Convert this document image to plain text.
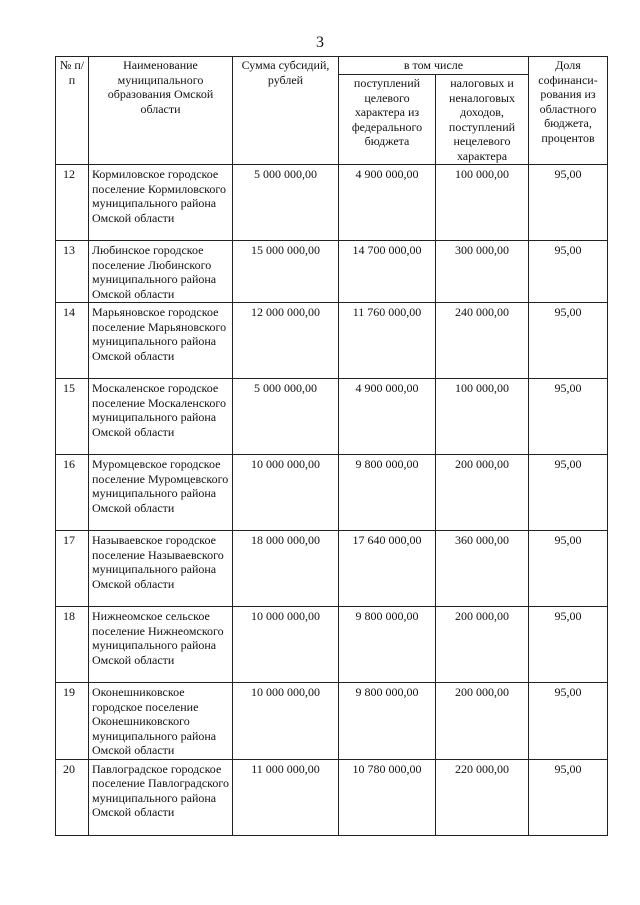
3
№ п/п	Наименование муниципального образования Омской области	Сумма субсидий, рублей	в том числе		Доля софинанси-рования из областного бюджета, процентов
			поступлений целевого характера из федерального бюджета	налоговых и неналоговых доходов, поступлений нецелевого характера	
12	Кормиловское городское поселение Кормиловского муниципального района Омской области	5 000 000,00	4 900 000,00	100 000,00	95,00
13	Любинское городское поселение Любинского муниципального района Омской области	15 000 000,00	14 700 000,00	300 000,00	95,00
14	Марьяновское городское поселение Марьяновского муниципального района Омской области	12 000 000,00	11 760 000,00	240 000,00	95,00
15	Москаленское городское поселение Москаленского муниципального района Омской области	5 000 000,00	4 900 000,00	100 000,00	95,00
16	Муромцевское городское поселение Муромцевского муниципального района Омской области	10 000 000,00	9 800 000,00	200 000,00	95,00
17	Называевское городское поселение Называевского муниципального района Омской области	18 000 000,00	17 640 000,00	360 000,00	95,00
18	Нижнеомское сельское поселение Нижнеомского муниципального района Омской области	10 000 000,00	9 800 000,00	200 000,00	95,00
19	Оконешниковское городское поселение Оконешниковского муниципального района Омской области	10 000 000,00	9 800 000,00	200 000,00	95,00
20	Павлоградское городское поселение Павлоградского муниципального района Омской области	11 000 000,00	10 780 000,00	220 000,00	95,00
